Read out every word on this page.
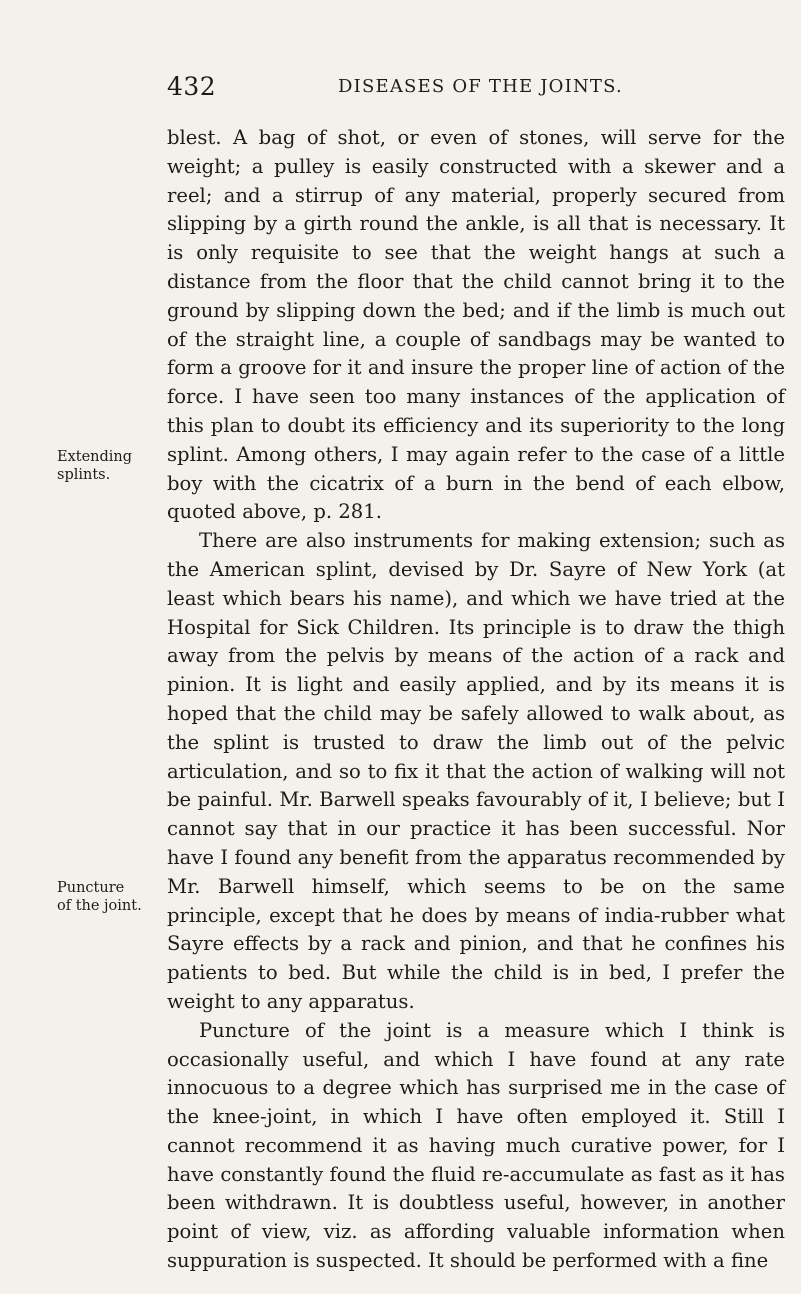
432	DISEASES OF THE JOINTS.
Extending
splints.
Puncture
of the joint.

blest. A bag of shot, or even of stones, will serve for the weight; a pulley is easily constructed with a skewer and a reel; and a stirrup of any material, properly secured from slipping by a girth round the ankle, is all that is necessary. It is only requisite to see that the weight hangs at such a distance from the floor that the child cannot bring it to the ground by slipping down the bed; and if the limb is much out of the straight line, a couple of sandbags may be wanted to form a groove for it and insure the proper line of action of the force. I have seen too many instances of the application of this plan to doubt its efficiency and its superiority to the long splint. Among others, I may again refer to the case of a little boy with the cicatrix of a burn in the bend of each elbow, quoted above, p. 281.

There are also instruments for making extension; such as the American splint, devised by Dr. Sayre of New York (at least which bears his name), and which we have tried at the Hospital for Sick Children. Its principle is to draw the thigh away from the pelvis by means of the action of a rack and pinion. It is light and easily applied, and by its means it is hoped that the child may be safely allowed to walk about, as the splint is trusted to draw the limb out of the pelvic articulation, and so to fix it that the action of walking will not be painful. Mr. Barwell speaks favourably of it, I believe; but I cannot say that in our practice it has been successful. Nor have I found any benefit from the apparatus recommended by Mr. Barwell himself, which seems to be on the same principle, except that he does by means of india-rubber what Sayre effects by a rack and pinion, and that he confines his patients to bed. But while the child is in bed, I prefer the weight to any apparatus.

Puncture of the joint is a measure which I think is occasionally useful, and which I have found at any rate innocuous to a degree which has surprised me in the case of the knee-joint, in which I have often employed it. Still I cannot recommend it as having much curative power, for I have constantly found the fluid re-accumulate as fast as it has been withdrawn. It is doubtless useful, however, in another point of view, viz. as affording valuable information when suppuration is suspected. It should be performed with a fine
